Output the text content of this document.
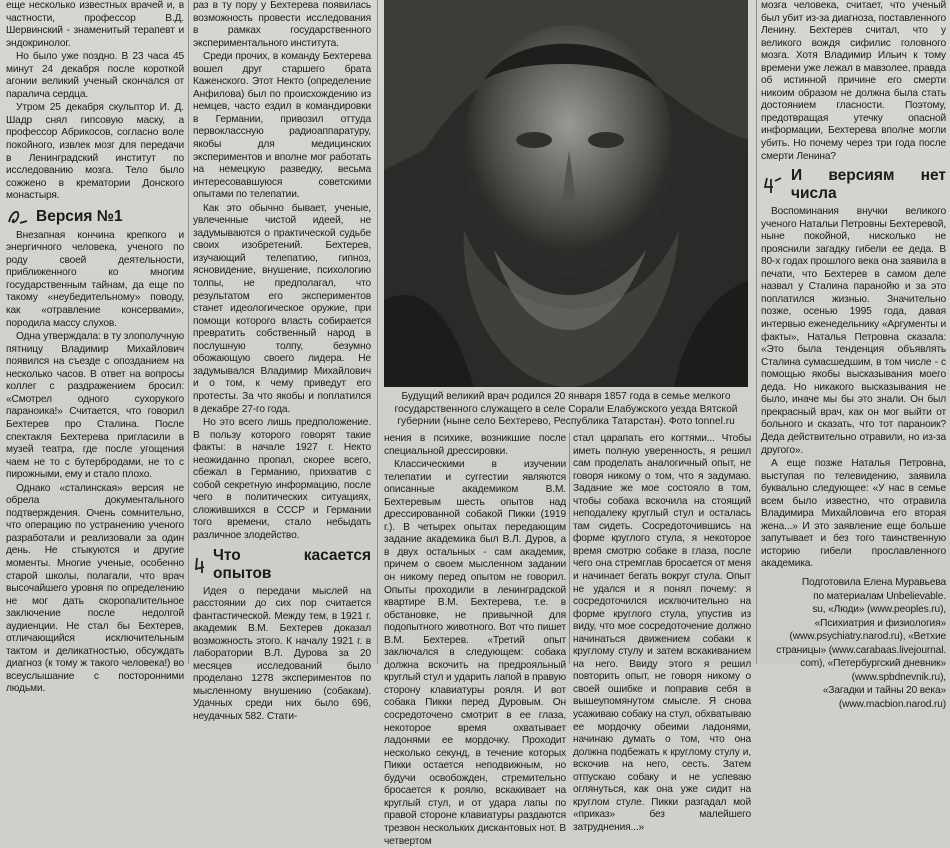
еще несколько известных врачей и, в частности, профессор В.Д. Шервинский - знаменитый терапевт и эндокринолог.

Но было уже поздно. В 23 часа 45 минут 24 декабря после короткой агонии великий ученый скончался от паралича сердца.

Утром 25 декабря скульптор И. Д. Шадр снял гипсовую маску, а профессор Абрикосов, согласно воле покойного, извлек мозг для передачи в Ленинградский институт по исследованию мозга. Тело было сожжено в крематории Донского монастыря.

Версия №1

Внезапная кончина крепкого и энергичного человека, ученого по роду своей деятельности, приближенного ко многим государственным тайнам, да еще по такому «неубедительному» поводу, как «отравление консервами», породила массу слухов.

Одна утверждала: в ту злополучную пятницу Владимир Михайлович появился на съезде с опозданием на несколько часов. В ответ на вопросы коллег с раздражением бросил: «Смотрел одного сухорукого параноика!» Считается, что говорил Бехтерев про Сталина. После спектакля Бехтерева пригласили в музей театра, где после угощения чаем не то с бутербродами, не то с пирожными, ему и стало плохо.

Однако «сталинская» версия не обрела документального подтверждения. Очень сомнительно, что операцию по устранению ученого разработали и реализовали за один день. Не стыкуются и другие моменты. Многие ученые, особенно старой школы, полагали, что врач высочайшего уровня по определению не мог дать скоропалительное заключение после недолгой аудиенции. Не стал бы Бехтерев, отличающийся исключительным тактом и деликатностью, обсуждать диагноз (к тому ж такого человека!) во всеуслышание с посторонними людьми.

раз в ту пору у Бехтерева появилась возможность провести исследования в рамках государственного экспериментального института.

Среди прочих, в команду Бехтерева вошел друг старшего брата Каженского. Этот Некто (определение Анфилова) был по происхождению из немцев, часто ездил в командировки в Германии, привозил оттуда первоклассную радиоаппаратуру, якобы для медицинских экспериментов и вполне мог работать на немецкую разведку, весьма интересовавшуюся советскими опытами по телепатии.

Как это обычно бывает, ученые, увлеченные чистой идеей, не задумываются о практической судьбе своих изобретений. Бехтерев, изучающий телепатию, гипноз, ясновидение, внушение, психологию толпы, не предполагал, что результатом его экспериментов станет идеологическое оружие, при помощи которого власть собирается превратить собственный народ в послушную толпу, безумно обожающую своего лидера. Не задумывался Владимир Михайлович и о том, к чему приведут его протесты. За что якобы и поплатился в декабре 27-го года.

Но это всего лишь предположение. В пользу которого говорят такие факты: в начале 1927 г. Некто неожиданно пропал, скорее всего, сбежал в Германию, прихватив с собой секретную информацию, после чего в политических ситуациях, сложившихся в СССР и Германии того времени, стало небыдать различное злодейство.

Что касается опытов

Идея о передачи мыслей на расстоянии до сих пор считается фантастической. Между тем, в 1921 г. академик В.М. Бехтерев доказал возможность этого. К началу 1921 г. в лаборатории В.Л. Дурова за 20 месяцев исследований было проделано 1278 экспериментов по мысленному внушению (собакам). Удачных среди них было 696, неудачных 582. Стати-

Будущий великий врач родился 20 января 1857 года в семье мелкого государственного служащего в селе Сорали Елабужского уезда Вятской губернии (ныне село Бехтерево, Республика Татарстан). Фото tonnel.ru

нения в психике, возникшие после специальной дрессировки.

Классическими в изучении телепатии и суггестии являются описанные академиком В.М. Бехтеревым шесть опытов над дрессированной собакой Пикки (1919 г.). В четырех опытах передающим задание академика был В.Л. Дуров, а в двух остальных - сам академик, причем о своем мысленном задании он никому перед опытом не говорил. Опыты проходили в ленинградской квартире В.М. Бехтерева, т.е. в обстановке, не привычной для подопытного животного. Вот что пишет В.М. Бехтерев. «Третий опыт заключался в следующем: собака должна вскочить на предрояльный круглый стул и ударить лапой в правую сторону клавиатуры рояля. И вот собака Пикки перед Дуровым. Он сосредоточено смотрит в ее глаза, некоторое время охватывает ладонями ее мордочку. Проходит несколько секунд, в течение которых Пикки остается неподвижным, но будучи освобожден, стремительно бросается к роялю, вскакивает на круглый стул, и от удара лапы по правой стороне клавиатуры раздаются трезвон нескольких дискантовых нот. В четвертом

стал царапать его когтями... Чтобы иметь полную уверенность, я решил сам проделать аналогичный опыт, не говоря никому о том, что я задумаю. Задание же мое состояло в том, чтобы собака вскочила на стоящий неподалеку круглый стул и осталась там сидеть. Сосредоточившись на форме круглого стула, я некоторое время смотрю собаке в глаза, после чего она стремглав бросается от меня и начинает бегать вокруг стула. Опыт не удался и я понял почему: я сосредоточился исключительно на форме круглого стула, упустив из виду, что мое сосредоточение должно начинаться движением собаки к круглому стулу и затем вскакиванием на него. Ввиду этого я решил повторить опыт, не говоря никому о своей ошибке и поправив себя в вышеупомянутом смысле. Я снова усаживаю собаку на стул, обхватываю ее мордочку обеими ладонями, начинаю думать о том, что она должна подбежать к круглому стулу и, вскочив на него, сесть. Затем отпускаю собаку и не успеваю оглянуться, как она уже сидит на круглом стуле. Пикки разгадал мой «приказ» без малейшего затруднения...»

мозга человека, считает, что ученый был убит из-за диагноза, поставленного Ленину. Бехтерев считал, что у великого вождя сифилис головного мозга. Хотя Владимир Ильич к тому времени уже лежал в мавзолее, правда об истинной причине его смерти никоим образом не должна была стать достоянием гласности. Поэтому, предотвращая утечку опасной информации, Бехтерева вполне могли убить. Но почему через три года после смерти Ленина?

И версиям нет числа

Воспоминания внучки великого ученого Натальи Петровны Бехтеревой, ныне покойной, нисколько не прояснили загадку гибели ее деда. В 80-х годах прошлого века она заявила в печати, что Бехтерев в самом деле назвал у Сталина паранойю и за это поплатился жизнью. Значительно позже, осенью 1995 года, давая интервью еженедельнику «Аргументы и факты», Наталья Петровна сказала: «Это была тенденция объявлять Сталина сумасшедшим, в том числе - с помощью якобы высказывания моего деда. Но никакого высказывания не было, иначе мы бы это знали. Он был прекрасный врач, как он мог выйти от больного и сказать, что тот параноик? Деда действительно отравили, но из-за другого».

А еще позже Наталья Петровна, выступая по телевидению, заявила буквально следующее: «У нас в семье всем было известно, что отравила Владимира Михайловича его вторая жена...» И это заявление еще больше запутывает и без того таинственную историю гибели прославленного академика.

Подготовила Елена Муравьева

по материалам Unbelievable.

su, «Люди» (www.peoples.ru),

«Психиатрия и физиология»

(www.psychiatry.narod.ru), «Ветхие

страницы» (www.carabaas.livejournal.

com), «Петербургский дневник»

(www.spbdnevnik.ru),

«Загадки и тайны 20 века»

(www.macbion.narod.ru)
